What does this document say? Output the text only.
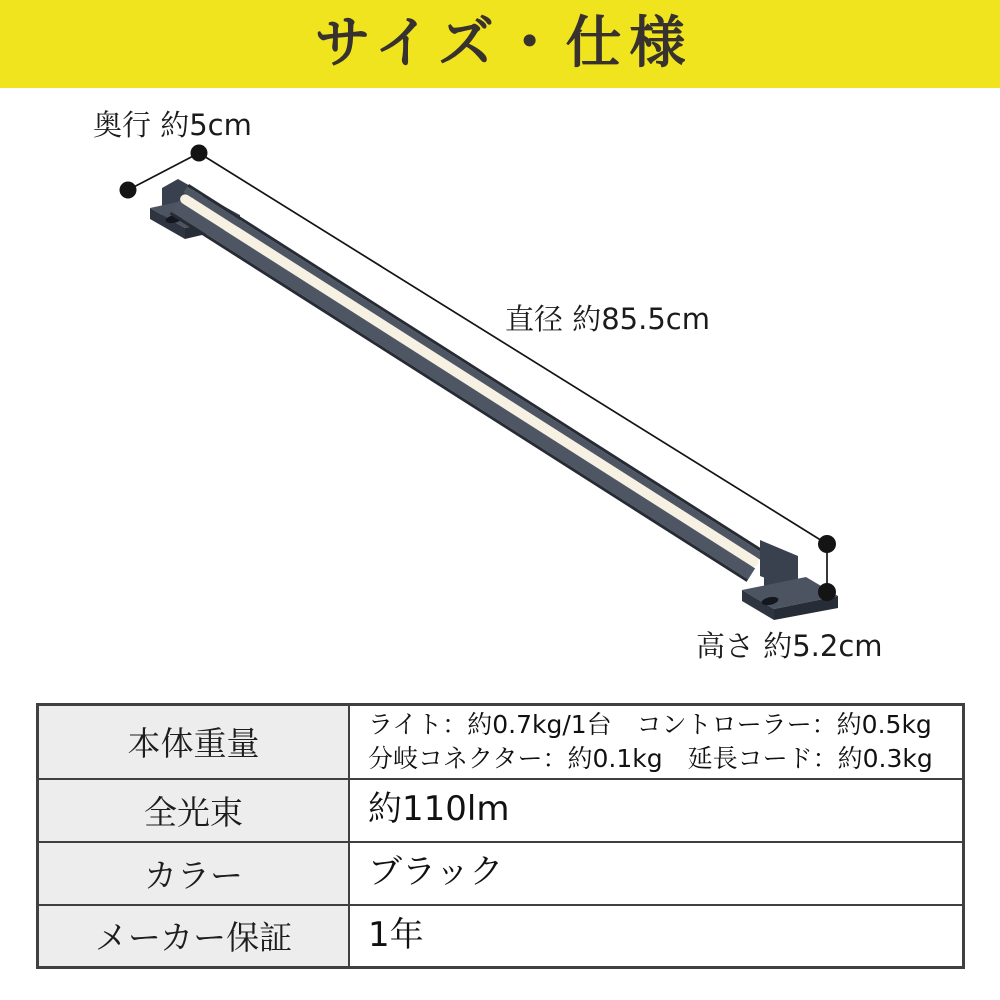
サイズ・仕様
奥行 約5cm
直径 約85.5cm
高さ 約5.2cm
本体重量	ライト：約0.7kg/1台　コントローラー：約0.5kg
分岐コネクター：約0.1kg　延長コード：約0.3kg

全光束	約110lm

カラー	ブラック

メーカー保証	1年
